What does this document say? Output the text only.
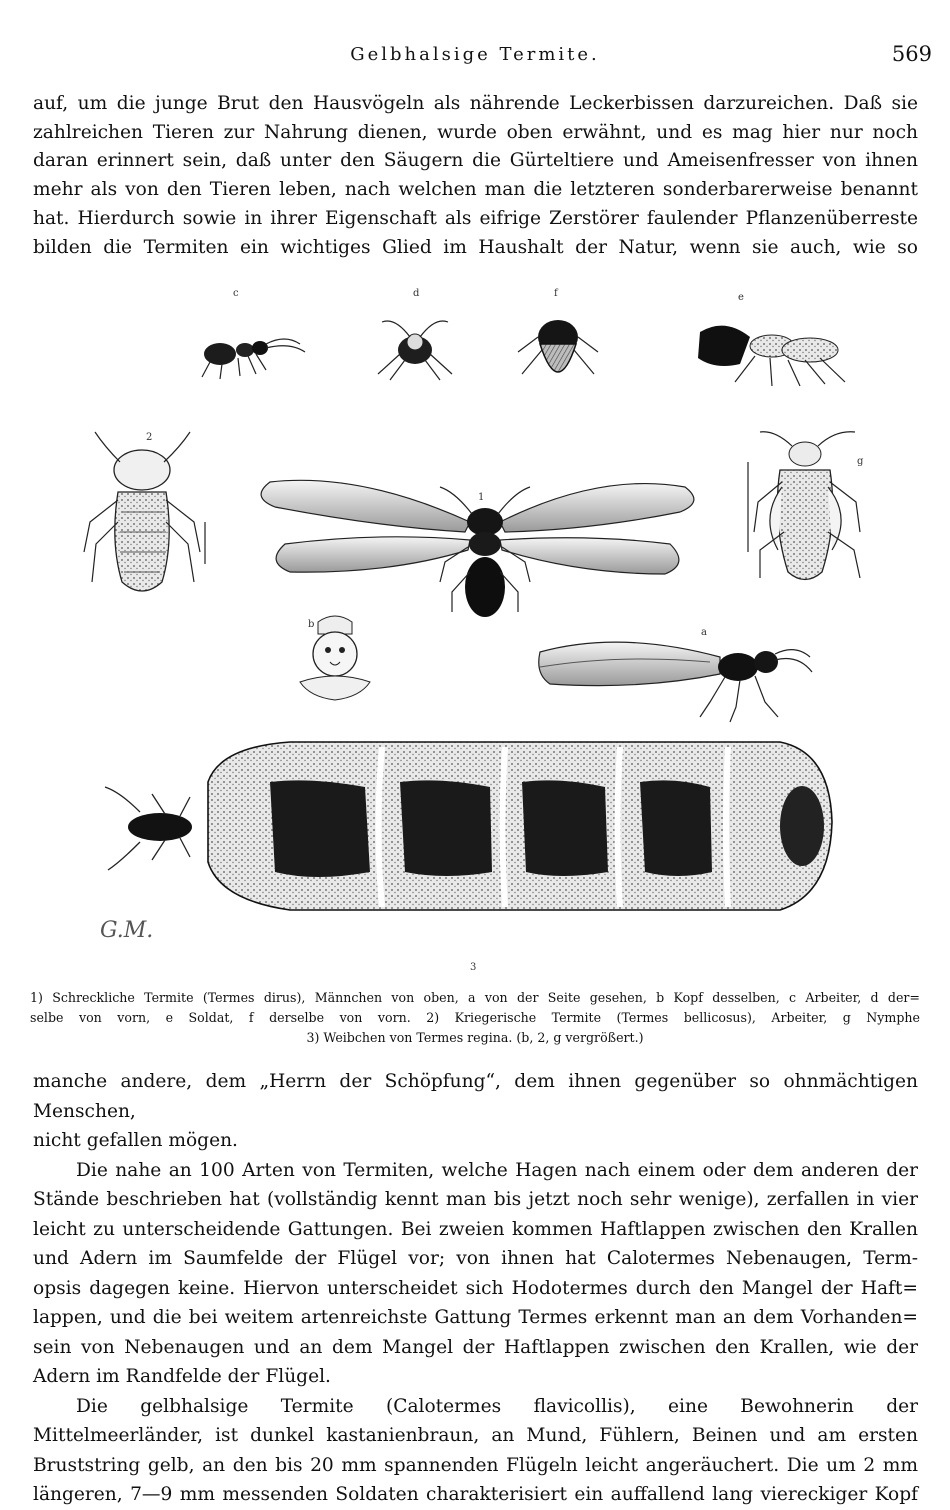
Gelbhalsige Termite.	569
auf, um die junge Brut den Hausvögeln als nährende Leckerbissen darzureichen. Daß sie
zahlreichen Tieren zur Nahrung dienen, wurde oben erwähnt, und es mag hier nur noch
daran erinnert sein, daß unter den Säugern die Gürteltiere und Ameisenfresser von ihnen
mehr als von den Tieren leben, nach welchen man die letzteren sonderbarerweise benannt
hat. Hierdurch sowie in ihrer Eigenschaft als eifrige Zerstörer faulender Pflanzenüberreste
bilden die Termiten ein wichtiges Glied im Haushalt der Natur, wenn sie auch, wie so
c	d	f	e
2
1
g
b
a
3
G.M.
1) Schreckliche Termite (Termes dirus), Männchen von oben, a von der Seite gesehen, b Kopf desselben, c Arbeiter, d der=
selbe von vorn, e Soldat, f derselbe von vorn. 2) Kriegerische Termite (Termes bellicosus), Arbeiter, g Nymphe
3) Weibchen von Termes regina. (b, 2, g vergrößert.)

manche andere, dem „Herrn der Schöpfung“, dem ihnen gegenüber so ohnmächtigen Menschen,
nicht gefallen mögen.

Die nahe an 100 Arten von Termiten, welche Hagen nach einem oder dem anderen der
Stände beschrieben hat (vollständig kennt man bis jetzt noch sehr wenige), zerfallen in vier
leicht zu unterscheidende Gattungen. Bei zweien kommen Haftlappen zwischen den Krallen
und Adern im Saumfelde der Flügel vor; von ihnen hat Calotermes Nebenaugen, Term-
opsis dagegen keine. Hiervon unterscheidet sich Hodotermes durch den Mangel der Haft=
lappen, und die bei weitem artenreichste Gattung Termes erkennt man an dem Vorhanden=
sein von Nebenaugen und an dem Mangel der Haftlappen zwischen den Krallen, wie der
Adern im Randfelde der Flügel.

Die gelbhalsige Termite (Calotermes flavicollis), eine Bewohnerin der
Mittelmeerländer, ist dunkel kastanienbraun, an Mund, Fühlern, Beinen und am ersten
Bruststring gelb, an den bis 20 mm spannenden Flügeln leicht angeräuchert. Die um 2 mm
längeren, 7—9 mm messenden Soldaten charakterisiert ein auffallend lang viereckiger Kopf
